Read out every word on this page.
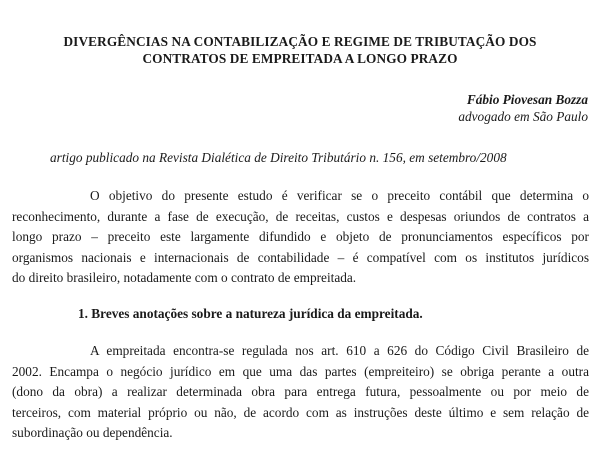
DIVERGÊNCIAS NA CONTABILIZAÇÃO E REGIME DE TRIBUTAÇÃO DOS
CONTRATOS DE EMPREITADA A LONGO PRAZO
Fábio Piovesan Bozza
advogado em São Paulo
artigo publicado na Revista Dialética de Direito Tributário n. 156, em setembro/2008
O objetivo do presente estudo é verificar se o preceito contábil que determina o
reconhecimento, durante a fase de execução, de receitas, custos e despesas oriundos de contratos a
longo prazo – preceito este largamente difundido e objeto de pronunciamentos específicos por
organismos nacionais e internacionais de contabilidade – é compatível com os institutos jurídicos
do direito brasileiro, notadamente com o contrato de empreitada.
1. Breves anotações sobre a natureza jurídica da empreitada.
A empreitada encontra-se regulada nos art. 610 a 626 do Código Civil Brasileiro de
2002. Encampa o negócio jurídico em que uma das partes (empreiteiro) se obriga perante a outra
(dono da obra) a realizar determinada obra para entrega futura, pessoalmente ou por meio de
terceiros, com material próprio ou não, de acordo com as instruções deste último e sem relação de
subordinação ou dependência.
